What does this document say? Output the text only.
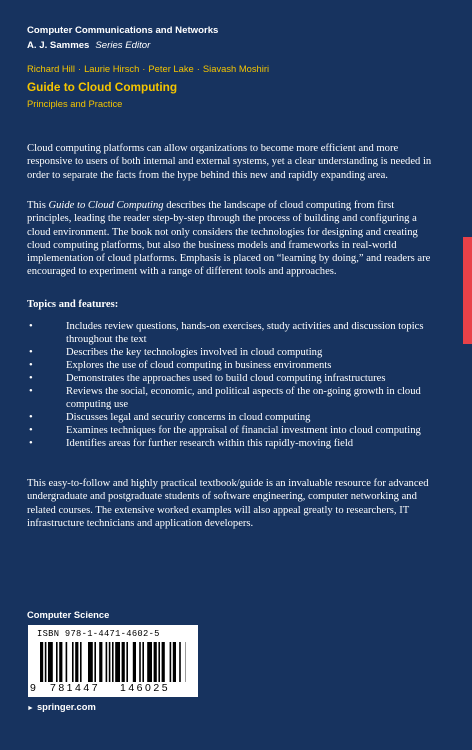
Computer Communications and Networks
A. J. Sammes Series Editor
Richard Hill · Laurie Hirsch · Peter Lake · Siavash Moshiri
Guide to Cloud Computing
Principles and Practice
Cloud computing platforms can allow organizations to become more efficient and more responsive to users of both internal and external systems, yet a clear understanding is needed in order to separate the facts from the hype behind this new and rapidly expanding area.
This Guide to Cloud Computing describes the landscape of cloud computing from first principles, leading the reader step-by-step through the process of building and configuring a cloud environment. The book not only considers the technologies for designing and creating cloud computing platforms, but also the business models and frameworks in real-world implementation of cloud platforms. Emphasis is placed on “learning by doing,” and readers are encouraged to experiment with a range of different tools and approaches.
Topics and features:
• Includes review questions, hands-on exercises, study activities and discussion topics throughout the text
• Describes the key technologies involved in cloud computing
• Explores the use of cloud computing in business environments
• Demonstrates the approaches used to build cloud computing infrastructures
• Reviews the social, economic, and political aspects of the on-going growth in cloud computing use
• Discusses legal and security concerns in cloud computing
• Examines techniques for the appraisal of financial investment into cloud computing
• Identifies areas for further research within this rapidly-moving field
This easy-to-follow and highly practical textbook/guide is an invaluable resource for advanced undergraduate and postgraduate students of software engineering, computer networking and related courses. The extensive worked examples will also appeal greatly to researchers, IT infrastructure technicians and application developers.
Computer Science
ISBN 978-1-4471-4602-5
9 781447 146025
► springer.com
